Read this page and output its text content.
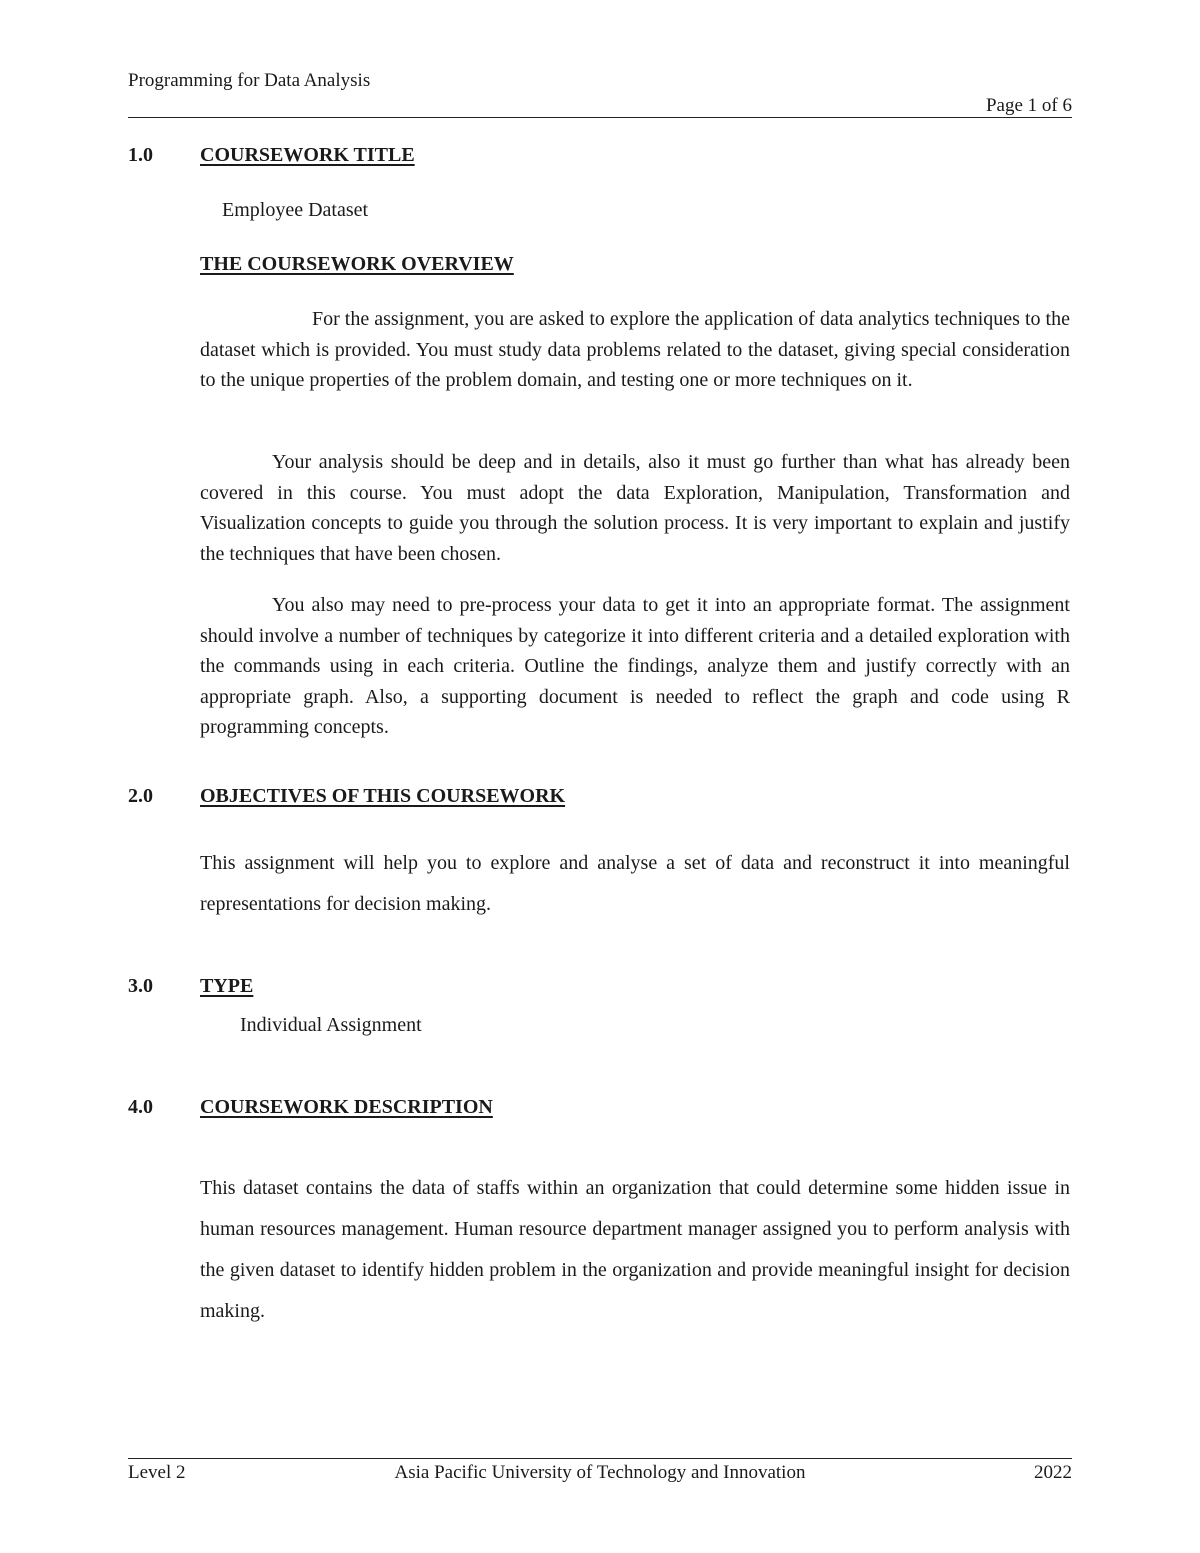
Programming for Data Analysis
Page 1 of 6
1.0 COURSEWORK TITLE
Employee Dataset
THE COURSEWORK OVERVIEW

For the assignment, you are asked to explore the application of data analytics techniques to the dataset which is provided. You must study data problems related to the dataset, giving special consideration to the unique properties of the problem domain, and testing one or more techniques on it.

Your analysis should be deep and in details, also it must go further than what has already been covered in this course. You must adopt the data Exploration, Manipulation, Transformation and Visualization concepts to guide you through the solution process. It is very important to explain and justify the techniques that have been chosen.

You also may need to pre-process your data to get it into an appropriate format. The assignment should involve a number of techniques by categorize it into different criteria and a detailed exploration with the commands using in each criteria. Outline the findings, analyze them and justify correctly with an appropriate graph. Also, a supporting document is needed to reflect the graph and code using R programming concepts.

2.0 OBJECTIVES OF THIS COURSEWORK

This assignment will help you to explore and analyse a set of data and reconstruct it into meaningful representations for decision making.

3.0 TYPE
Individual Assignment
4.0 COURSEWORK DESCRIPTION

This dataset contains the data of staffs within an organization that could determine some hidden issue in human resources management. Human resource department manager assigned you to perform analysis with the given dataset to identify hidden problem in the organization and provide meaningful insight for decision making.

Level 2	Asia Pacific University of Technology and Innovation	2022
